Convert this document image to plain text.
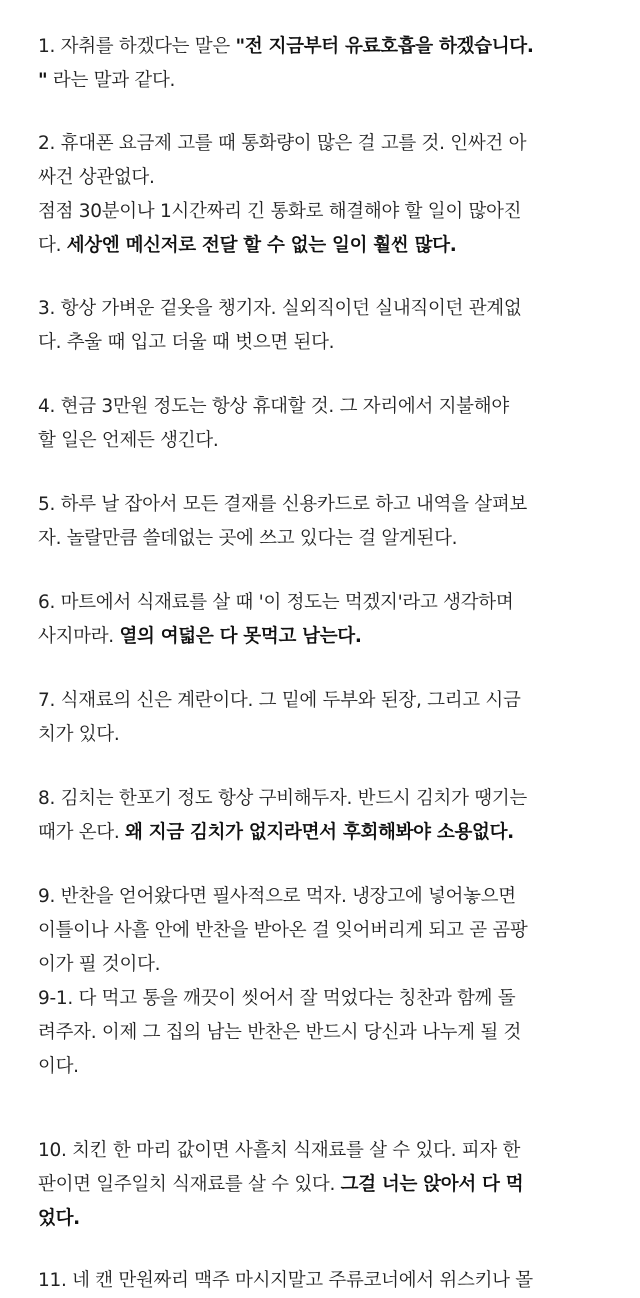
1. 자취를 하겠다는 말은 "전 지금부터 유료호흡을 하겠습니다.
" 라는 말과 같다.
2. 휴대폰 요금제 고를 때 통화량이 많은 걸 고를 것. 인싸건 아
싸건 상관없다.
점점 30분이나 1시간짜리 긴 통화로 해결해야 할 일이 많아진
다. 세상엔 메신저로 전달 할 수 없는 일이 훨씬 많다.
3. 항상 가벼운 겉옷을 챙기자. 실외직이던 실내직이던 관계없
다. 추울 때 입고 더울 때 벗으면 된다.
4. 현금 3만원 정도는 항상 휴대할 것. 그 자리에서 지불해야
할 일은 언제든 생긴다.
5. 하루 날 잡아서 모든 결재를 신용카드로 하고 내역을 살펴보
자. 놀랄만큼 쓸데없는 곳에 쓰고 있다는 걸 알게된다.
6. 마트에서 식재료를 살 때 '이 정도는 먹겠지'라고 생각하며
사지마라. 열의 여덟은 다 못먹고 남는다.
7. 식재료의 신은 계란이다. 그 밑에 두부와 된장, 그리고 시금
치가 있다.
8. 김치는 한포기 정도 항상 구비해두자. 반드시 김치가 땡기는
때가 온다. 왜 지금 김치가 없지라면서 후회해봐야 소용없다.
9. 반찬을 얻어왔다면 필사적으로 먹자. 냉장고에 넣어놓으면
이틀이나 사흘 안에 반찬을 받아온 걸 잊어버리게 되고 곧 곰팡
이가 필 것이다.
9-1. 다 먹고 통을 깨끗이 씻어서 잘 먹었다는 칭찬과 함께 돌
려주자. 이제 그 집의 남는 반찬은 반드시 당신과 나누게 될 것
이다.
10. 치킨 한 마리 값이면 사흘치 식재료를 살 수 있다. 피자 한
판이면 일주일치 식재료를 살 수 있다. 그걸 너는 앉아서 다 먹
었다.
11. 네 캔 만원짜리 맥주 마시지말고 주류코너에서 위스키나 몰
